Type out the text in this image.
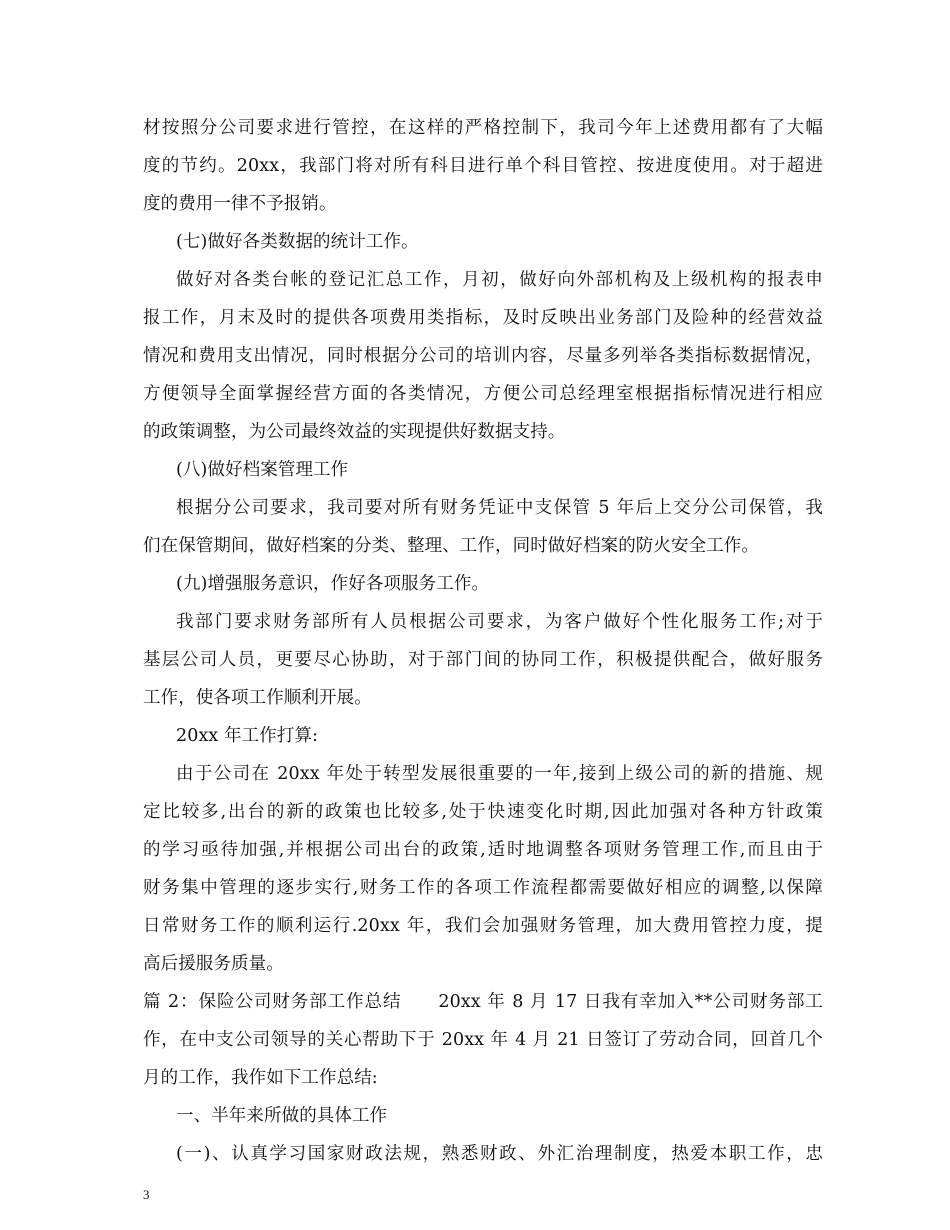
材按照分公司要求进行管控，在这样的严格控制下，我司今年上述费用都有了大幅
度的节约。20xx，我部门将对所有科目进行单个科目管控、按进度使用。对于超进
度的费用一律不予报销。
(七)做好各类数据的统计工作。
做好对各类台帐的登记汇总工作，月初，做好向外部机构及上级机构的报表申
报工作，月末及时的提供各项费用类指标，及时反映出业务部门及险种的经营效益
情况和费用支出情况，同时根据分公司的培训内容，尽量多列举各类指标数据情况，
方便领导全面掌握经营方面的各类情况，方便公司总经理室根据指标情况进行相应
的政策调整，为公司最终效益的实现提供好数据支持。
(八)做好档案管理工作
根据分公司要求，我司要对所有财务凭证中支保管 5 年后上交分公司保管，我
们在保管期间，做好档案的分类、整理、工作，同时做好档案的防火安全工作。
(九)增强服务意识，作好各项服务工作。
我部门要求财务部所有人员根据公司要求，为客户做好个性化服务工作;对于
基层公司人员，更要尽心协助，对于部门间的协同工作，积极提供配合，做好服务
工作，使各项工作顺利开展。
20xx 年工作打算:
由于公司在 20xx 年处于转型发展很重要的一年,接到上级公司的新的措施、规
定比较多,出台的新的政策也比较多,处于快速变化时期,因此加强对各种方针政策
的学习亟待加强,并根据公司出台的政策,适时地调整各项财务管理工作,而且由于
财务集中管理的逐步实行,财务工作的各项工作流程都需要做好相应的调整,以保障
日常财务工作的顺利运行.20xx 年，我们会加强财务管理，加大费用管控力度，提
高后援服务质量。
篇 2：保险公司财务部工作总结　　20xx 年 8 月 17 日我有幸加入**公司财务部工
作，在中支公司领导的关心帮助下于 20xx 年 4 月 21 日签订了劳动合同，回首几个
月的工作，我作如下工作总结:
一、半年来所做的具体工作
(一)、认真学习国家财政法规，熟悉财政、外汇治理制度，热爱本职工作，忠
3
